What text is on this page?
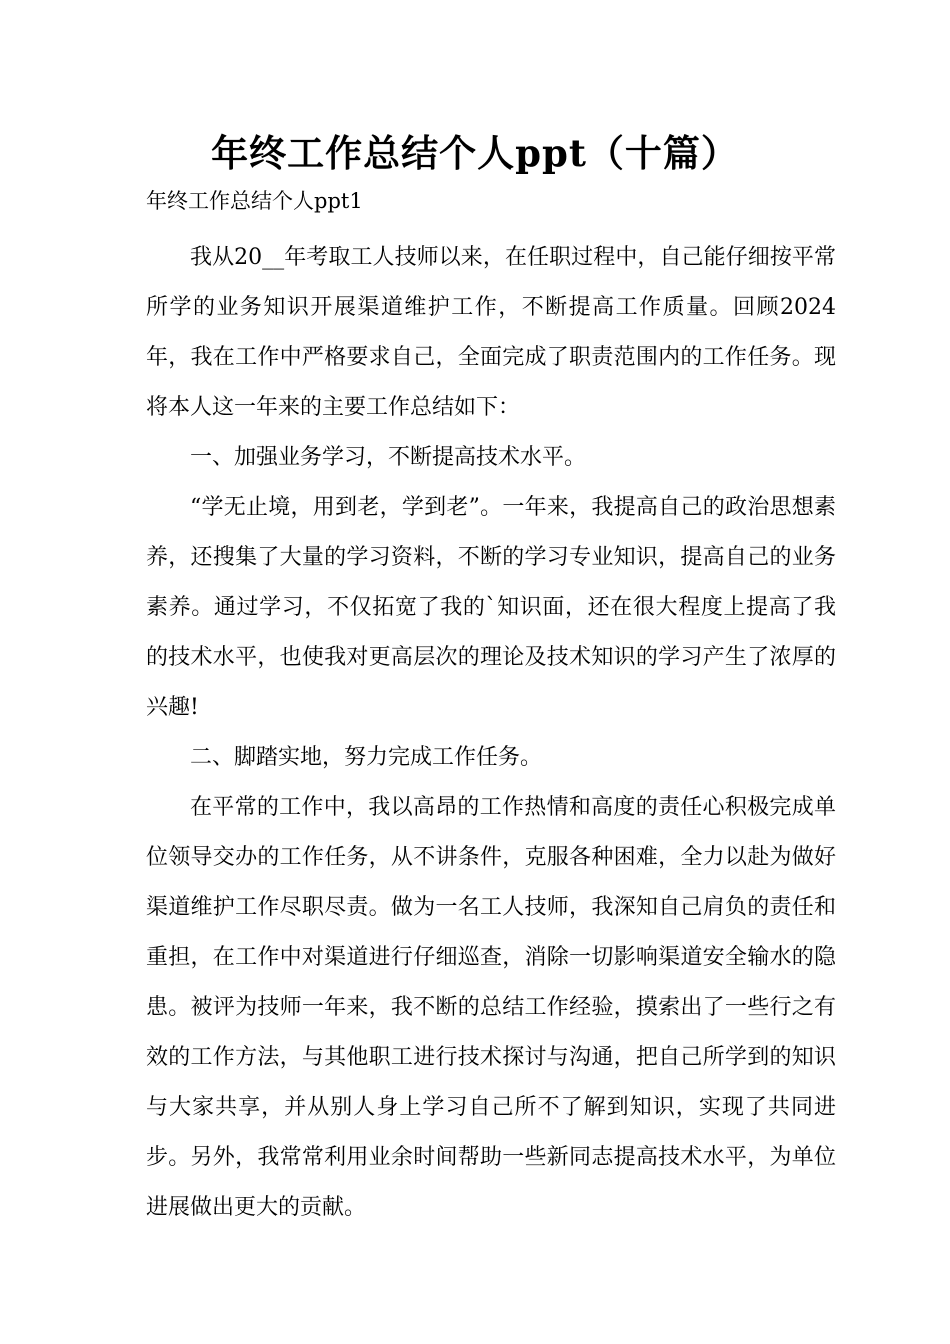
年终工作总结个人ppt（十篇）
年终工作总结个人ppt1

我从20__年考取工人技师以来，在任职过程中，自己能仔细按平常所学的业务知识开展渠道维护工作，不断提高工作质量。回顾2024年，我在工作中严格要求自己，全面完成了职责范围内的工作任务。现将本人这一年来的主要工作总结如下：

一、加强业务学习，不断提高技术水平。

“学无止境，用到老，学到老”。一年来，我提高自己的政治思想素养，还搜集了大量的学习资料，不断的学习专业知识，提高自己的业务素养。通过学习，不仅拓宽了我的`知识面，还在很大程度上提高了我的技术水平，也使我对更高层次的理论及技术知识的学习产生了浓厚的兴趣!

二、脚踏实地，努力完成工作任务。

在平常的工作中，我以高昂的工作热情和高度的责任心积极完成单位领导交办的工作任务，从不讲条件，克服各种困难，全力以赴为做好渠道维护工作尽职尽责。做为一名工人技师，我深知自己肩负的责任和重担，在工作中对渠道进行仔细巡查，消除一切影响渠道安全输水的隐患。被评为技师一年来，我不断的总结工作经验，摸索出了一些行之有效的工作方法，与其他职工进行技术探讨与沟通，把自己所学到的知识与大家共享，并从别人身上学习自己所不了解到知识，实现了共同进步。另外，我常常利用业余时间帮助一些新同志提高技术水平，为单位进展做出更大的贡献。
